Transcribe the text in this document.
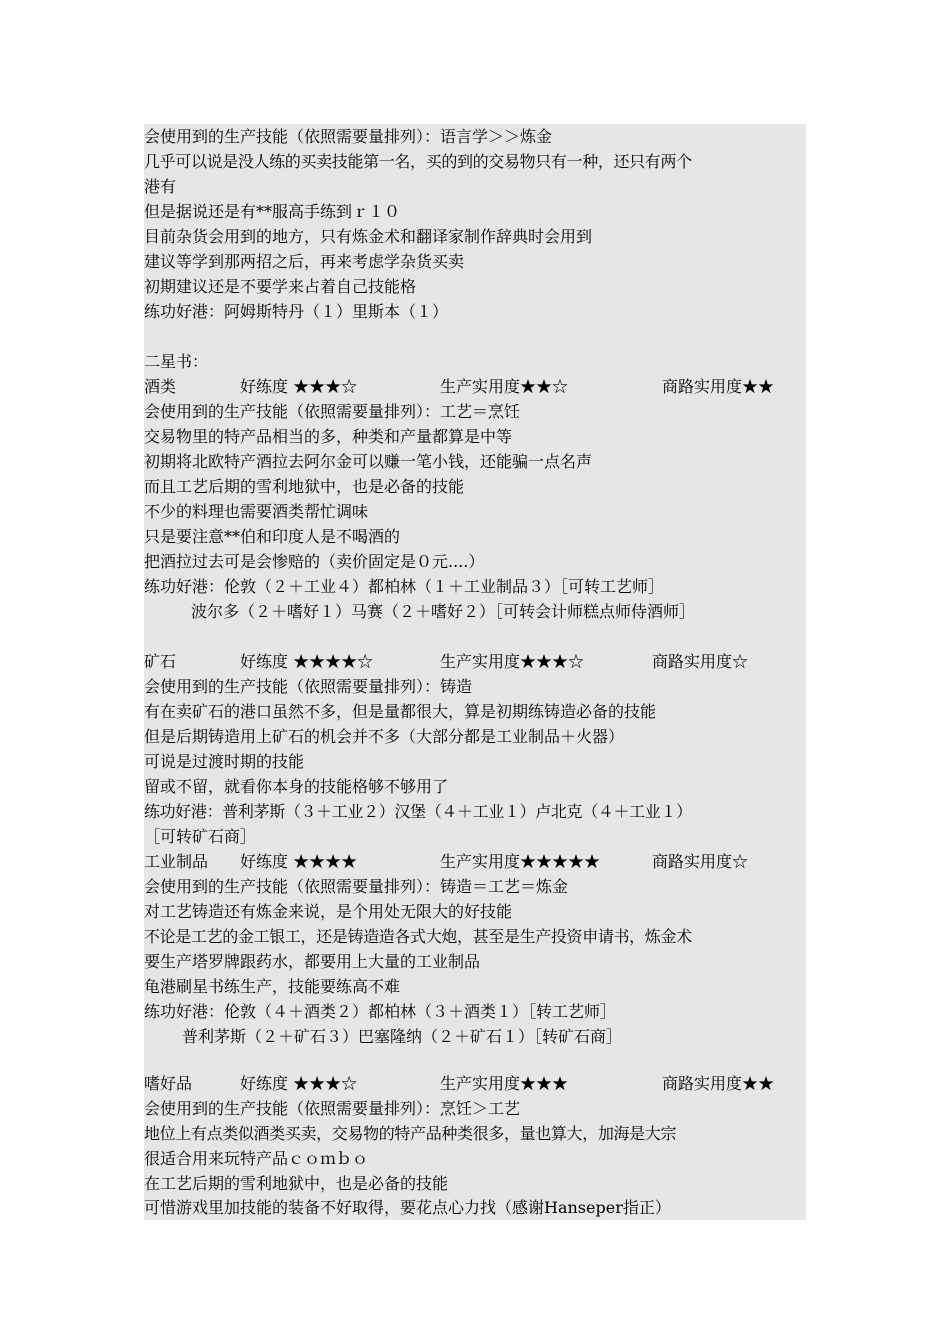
会使用到的生产技能（依照需要量排列）：语言学＞＞炼金
几乎可以说是没人练的买卖技能第一名，买的到的交易物只有一种，还只有两个
港有
但是据说还是有**服高手练到ｒ１０
目前杂货会用到的地方，只有炼金术和翻译家制作辞典时会用到
建议等学到那两招之后，再来考虑学杂货买卖
初期建议还是不要学来占着自己技能格
练功好港：阿姆斯特丹（１）里斯本（１）
二星书：
酒类	好练度 ★★★☆	生产实用度★★☆	商路实用度★★
会使用到的生产技能（依照需要量排列）：工艺＝烹饪
交易物里的特产品相当的多，种类和产量都算是中等
初期将北欧特产酒拉去阿尔金可以赚一笔小钱，还能骗一点名声
而且工艺后期的雪利地狱中，也是必备的技能
不少的料理也需要酒类帮忙调味
只是要注意**伯和印度人是不喝酒的
把酒拉过去可是会惨赔的（卖价固定是０元....）
练功好港：伦敦（２＋工业４）都柏林（１＋工业制品３）［可转工艺师］
波尔多（２＋嗜好１）马赛（２＋嗜好２）［可转会计师糕点师侍酒师］
矿石	好练度 ★★★★☆	生产实用度★★★☆	商路实用度☆
会使用到的生产技能（依照需要量排列）：铸造
有在卖矿石的港口虽然不多，但是量都很大，算是初期练铸造必备的技能
但是后期铸造用上矿石的机会并不多（大部分都是工业制品＋火器）
可说是过渡时期的技能
留或不留，就看你本身的技能格够不够用了
练功好港：普利茅斯（３＋工业２）汉堡（４＋工业１）卢北克（４＋工业１）
［可转矿石商］
工业制品 好练度 ★★★★	生产实用度★★★★★	商路实用度☆
会使用到的生产技能（依照需要量排列）：铸造＝工艺＝炼金
对工艺铸造还有炼金来说，是个用处无限大的好技能
不论是工艺的金工银工，还是铸造造各式大炮，甚至是生产投资申请书，炼金术
要生产塔罗牌跟药水，都要用上大量的工业制品
龟港刷星书练生产，技能要练高不难
练功好港：伦敦（４＋酒类２）都柏林（３＋酒类１）［转工艺师］
普利茅斯（２＋矿石３）巴塞隆纳（２＋矿石１）［转矿石商］
嗜好品	好练度 ★★★☆	生产实用度★★★	商路实用度★★
会使用到的生产技能（依照需要量排列）：烹饪＞工艺
地位上有点类似酒类买卖，交易物的特产品种类很多，量也算大，加海是大宗
很适合用来玩特产品ｃｏｍｂｏ
在工艺后期的雪利地狱中，也是必备的技能
可惜游戏里加技能的装备不好取得，要花点心力找（感谢Hanseper指正）
